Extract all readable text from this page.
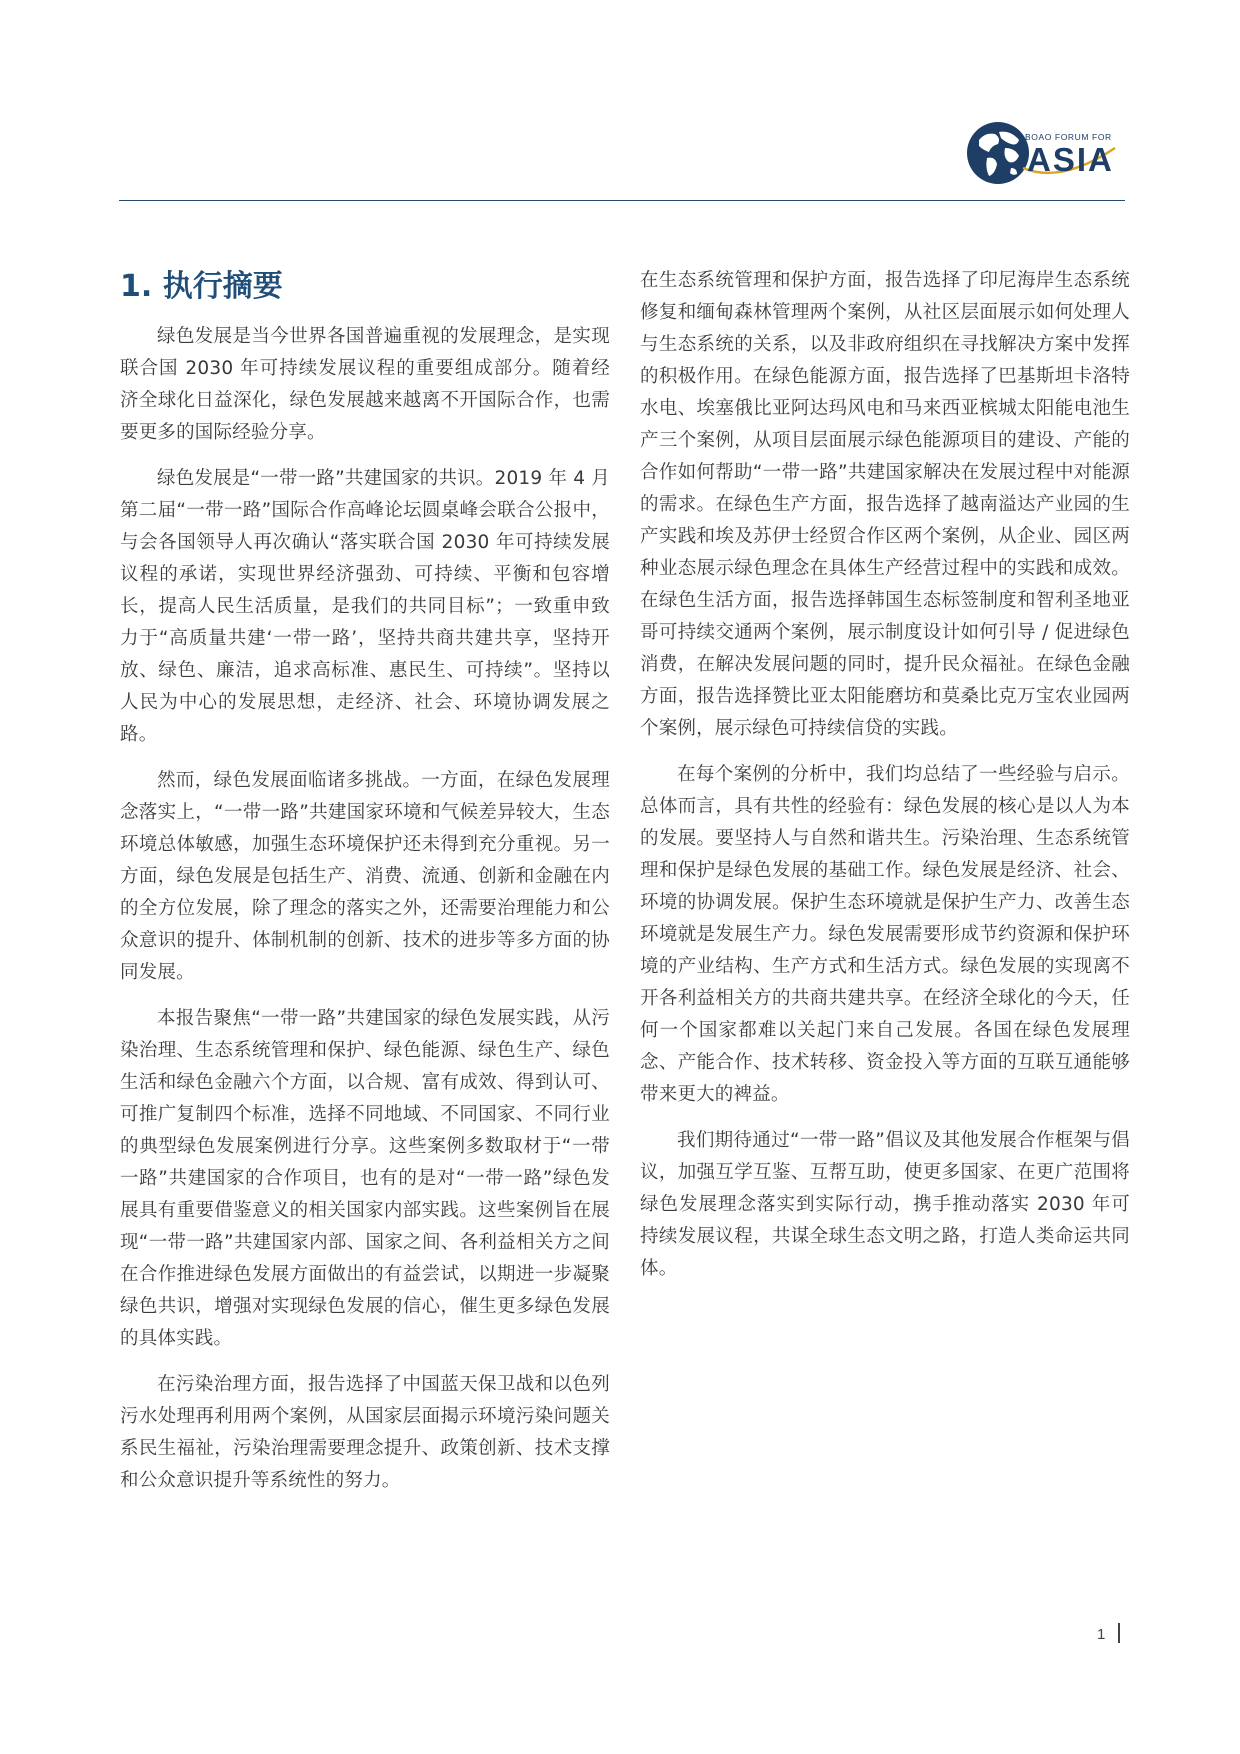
BOAO FORUM FOR
ASIA
1. 执行摘要

绿色发展是当今世界各国普遍重视的发展理念，是实现联合国 2030 年可持续发展议程的重要组成部分。随着经济全球化日益深化，绿色发展越来越离不开国际合作，也需要更多的国际经验分享。

绿色发展是“一带一路”共建国家的共识。2019 年 4 月第二届“一带一路”国际合作高峰论坛圆桌峰会联合公报中，与会各国领导人再次确认“落实联合国 2030 年可持续发展议程的承诺，实现世界经济强劲、可持续、平衡和包容增长，提高人民生活质量，是我们的共同目标”；一致重申致力于“高质量共建‘一带一路’，坚持共商共建共享，坚持开放、绿色、廉洁，追求高标准、惠民生、可持续”。坚持以人民为中心的发展思想，走经济、社会、环境协调发展之路。

然而，绿色发展面临诸多挑战。一方面，在绿色发展理念落实上，“一带一路”共建国家环境和气候差异较大，生态环境总体敏感，加强生态环境保护还未得到充分重视。另一方面，绿色发展是包括生产、消费、流通、创新和金融在内的全方位发展，除了理念的落实之外，还需要治理能力和公众意识的提升、体制机制的创新、技术的进步等多方面的协同发展。

本报告聚焦“一带一路”共建国家的绿色发展实践，从污染治理、生态系统管理和保护、绿色能源、绿色生产、绿色生活和绿色金融六个方面，以合规、富有成效、得到认可、可推广复制四个标准，选择不同地域、不同国家、不同行业的典型绿色发展案例进行分享。这些案例多数取材于“一带一路”共建国家的合作项目，也有的是对“一带一路”绿色发展具有重要借鉴意义的相关国家内部实践。这些案例旨在展现“一带一路”共建国家内部、国家之间、各利益相关方之间在合作推进绿色发展方面做出的有益尝试，以期进一步凝聚绿色共识，增强对实现绿色发展的信心，催生更多绿色发展的具体实践。

在污染治理方面，报告选择了中国蓝天保卫战和以色列污水处理再利用两个案例，从国家层面揭示环境污染问题关系民生福祉，污染治理需要理念提升、政策创新、技术支撑和公众意识提升等系统性的努力。

在生态系统管理和保护方面，报告选择了印尼海岸生态系统修复和缅甸森林管理两个案例，从社区层面展示如何处理人与生态系统的关系，以及非政府组织在寻找解决方案中发挥的积极作用。在绿色能源方面，报告选择了巴基斯坦卡洛特水电、埃塞俄比亚阿达玛风电和马来西亚槟城太阳能电池生产三个案例，从项目层面展示绿色能源项目的建设、产能的合作如何帮助“一带一路”共建国家解决在发展过程中对能源的需求。在绿色生产方面，报告选择了越南溢达产业园的生产实践和埃及苏伊士经贸合作区两个案例，从企业、园区两种业态展示绿色理念在具体生产经营过程中的实践和成效。在绿色生活方面，报告选择韩国生态标签制度和智利圣地亚哥可持续交通两个案例，展示制度设计如何引导 / 促进绿色消费，在解决发展问题的同时，提升民众福祉。在绿色金融方面，报告选择赞比亚太阳能磨坊和莫桑比克万宝农业园两个案例，展示绿色可持续信贷的实践。

在每个案例的分析中，我们均总结了一些经验与启示。总体而言，具有共性的经验有：绿色发展的核心是以人为本的发展。要坚持人与自然和谐共生。污染治理、生态系统管理和保护是绿色发展的基础工作。绿色发展是经济、社会、环境的协调发展。保护生态环境就是保护生产力、改善生态环境就是发展生产力。绿色发展需要形成节约资源和保护环境的产业结构、生产方式和生活方式。绿色发展的实现离不开各利益相关方的共商共建共享。在经济全球化的今天，任何一个国家都难以关起门来自己发展。各国在绿色发展理念、产能合作、技术转移、资金投入等方面的互联互通能够带来更大的裨益。

我们期待通过“一带一路”倡议及其他发展合作框架与倡议，加强互学互鉴、互帮互助，使更多国家、在更广范围将绿色发展理念落实到实际行动，携手推动落实 2030 年可持续发展议程，共谋全球生态文明之路，打造人类命运共同体。

1
